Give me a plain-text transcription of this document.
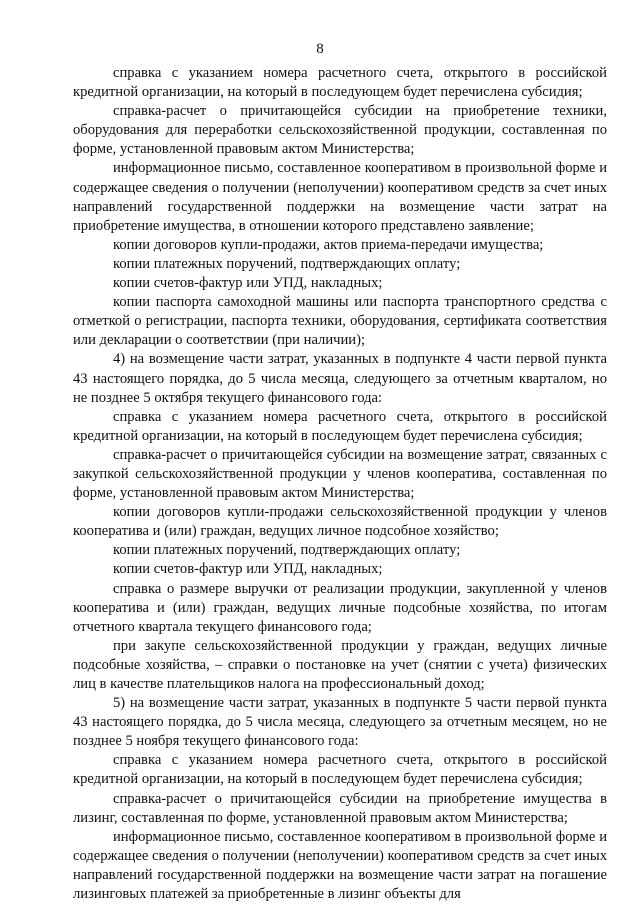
8

справка с указанием номера расчетного счета, открытого в российской кредитной организации, на который в последующем будет перечислена субсидия;

справка-расчет о причитающейся субсидии на приобретение техники, оборудования для переработки сельскохозяйственной продукции, составленная по форме, установленной правовым актом Министерства;

информационное письмо, составленное кооперативом в произвольной форме и содержащее сведения о получении (неполучении) кооперативом средств за счет иных направлений государственной поддержки на возмещение части затрат на приобретение имущества, в отношении которого представлено заявление;

копии договоров купли-продажи, актов приема-передачи имущества;

копии платежных поручений, подтверждающих оплату;

копии счетов-фактур или УПД, накладных;

копии паспорта самоходной машины или паспорта транспортного средства с отметкой о регистрации, паспорта техники, оборудования, сертификата соответствия или декларации о соответствии (при наличии);

4) на возмещение части затрат, указанных в подпункте 4 части первой пункта 43 настоящего порядка, до 5 числа месяца, следующего за отчетным кварталом, но не позднее 5 октября текущего финансового года:

справка с указанием номера расчетного счета, открытого в российской кредитной организации, на который в последующем будет перечислена субсидия;

справка-расчет о причитающейся субсидии на возмещение затрат, связанных с закупкой сельскохозяйственной продукции у членов кооператива, составленная по форме, установленной правовым актом Министерства;

копии договоров купли-продажи сельскохозяйственной продукции у членов кооператива и (или) граждан, ведущих личное подсобное хозяйство;

копии платежных поручений, подтверждающих оплату;

копии счетов-фактур или УПД, накладных;

справка о размере выручки от реализации продукции, закупленной у членов кооператива и (или) граждан, ведущих личные подсобные хозяйства, по итогам отчетного квартала текущего финансового года;

при закупе сельскохозяйственной продукции у граждан, ведущих личные подсобные хозяйства, – справки о постановке на учет (снятии с учета) физических лиц в качестве плательщиков налога на профессиональный доход;

5) на возмещение части затрат, указанных в подпункте 5 части первой пункта 43 настоящего порядка, до 5 числа месяца, следующего за отчетным месяцем, но не позднее 5 ноября текущего финансового года:

справка с указанием номера расчетного счета, открытого в российской кредитной организации, на который в последующем будет перечислена субсидия;

справка-расчет о причитающейся субсидии на приобретение имущества в лизинг, составленная по форме, установленной правовым актом Министерства;

информационное письмо, составленное кооперативом в произвольной форме и содержащее сведения о получении (неполучении) кооперативом средств за счет иных направлений государственной поддержки на возмещение части затрат на погашение лизинговых платежей за приобретенные в лизинг объекты для
